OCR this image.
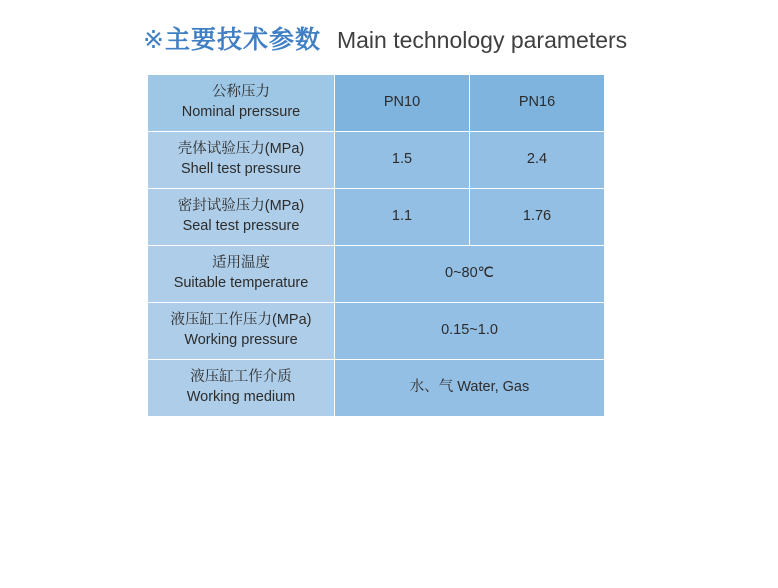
※ 主要技术参数 Main technology parameters
公称压力
Nominal prerssure	PN10	PN16

壳体试验压力(MPa)
Shell test pressure	1.5	2.4

密封试验压力(MPa)
Seal test pressure	1.1	1.76

适用温度
Suitable temperature	0~80℃	

液压缸工作压力(MPa)
Working pressure	0.15~1.0	

液压缸工作介质
Working medium	水、气 Water, Gas	
